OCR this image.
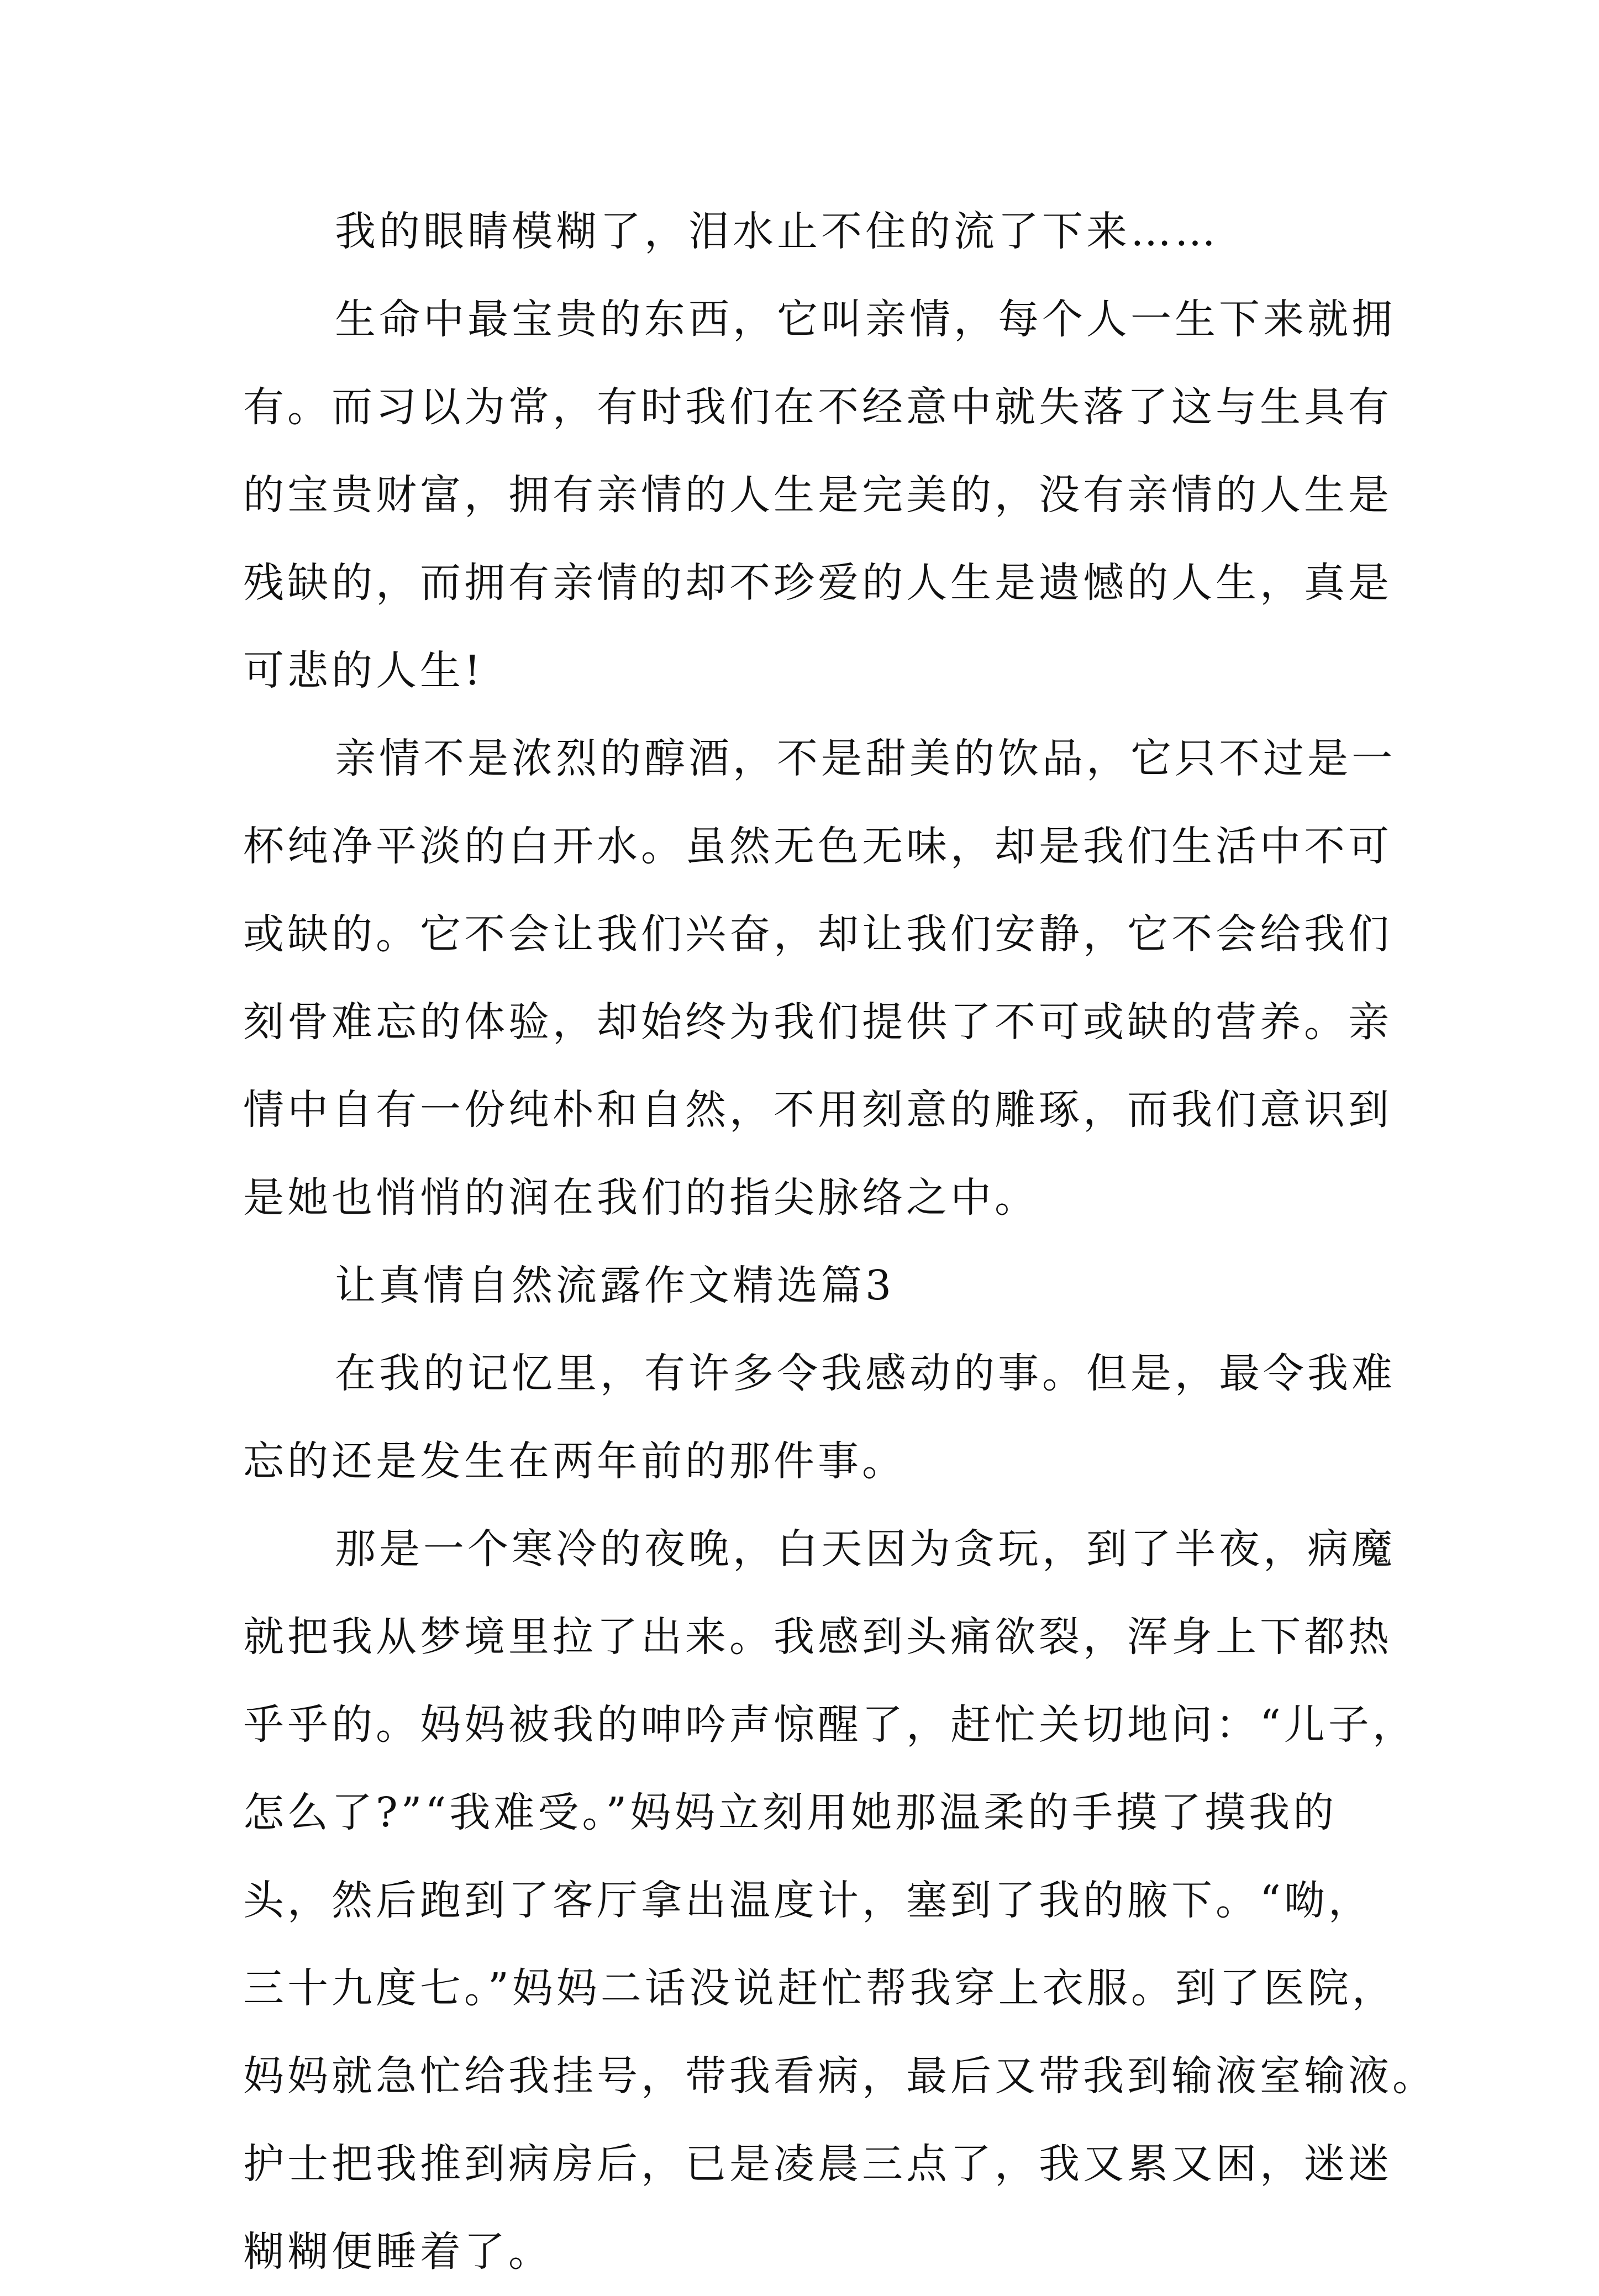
我的眼睛模糊了，泪水止不住的流了下来……
生命中最宝贵的东西，它叫亲情，每个人一生下来就拥
有。而习以为常，有时我们在不经意中就失落了这与生具有
的宝贵财富，拥有亲情的人生是完美的，没有亲情的人生是
残缺的，而拥有亲情的却不珍爱的人生是遗憾的人生，真是
可悲的人生!
亲情不是浓烈的醇酒，不是甜美的饮品，它只不过是一
杯纯净平淡的白开水。虽然无色无味，却是我们生活中不可
或缺的。它不会让我们兴奋，却让我们安静，它不会给我们
刻骨难忘的体验，却始终为我们提供了不可或缺的营养。亲
情中自有一份纯朴和自然，不用刻意的雕琢，而我们意识到
是她也悄悄的润在我们的指尖脉络之中。
让真情自然流露作文精选篇3
在我的记忆里，有许多令我感动的事。但是，最令我难
忘的还是发生在两年前的那件事。
那是一个寒冷的夜晚，白天因为贪玩，到了半夜，病魔
就把我从梦境里拉了出来。我感到头痛欲裂，浑身上下都热
乎乎的。妈妈被我的呻吟声惊醒了，赶忙关切地问：“儿子，
怎么了?”“我难受。”妈妈立刻用她那温柔的手摸了摸我的
头，然后跑到了客厅拿出温度计，塞到了我的腋下。“呦，
三十九度七。”妈妈二话没说赶忙帮我穿上衣服。到了医院，
妈妈就急忙给我挂号，带我看病，最后又带我到输液室输液。
护士把我推到病房后，已是凌晨三点了，我又累又困，迷迷
糊糊便睡着了。
